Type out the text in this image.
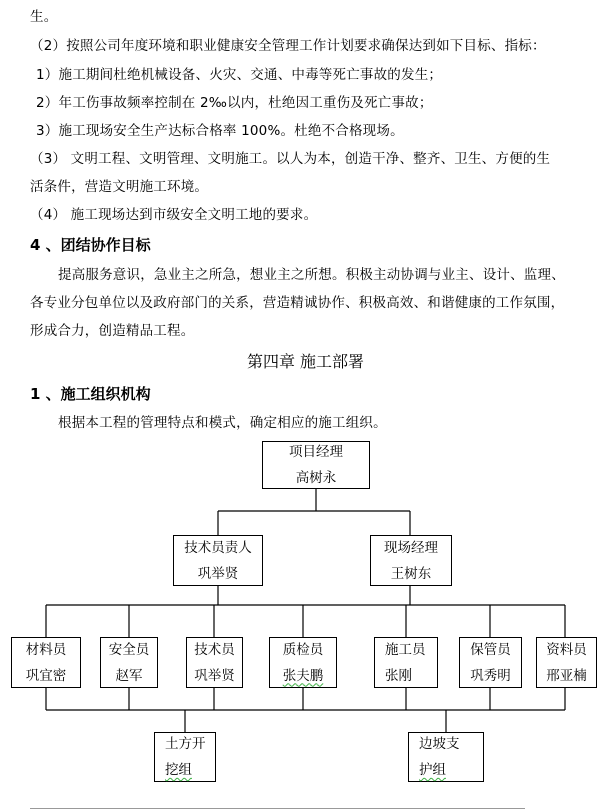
生。
（2）按照公司年度环境和职业健康安全管理工作计划要求确保达到如下目标、指标：
1）施工期间杜绝机械设备、火灾、交通、中毒等死亡事故的发生；
2）年工伤事故频率控制在 2‰以内，杜绝因工重伤及死亡事故；
3）施工现场安全生产达标合格率 100%。杜绝不合格现场。
（3） 文明工程、文明管理、文明施工。以人为本，创造干净、整齐、卫生、方便的生
活条件，营造文明施工环境。
（4） 施工现场达到市级安全文明工地的要求。
4 、团结协作目标
提高服务意识，急业主之所急，想业主之所想。积极主动协调与业主、设计、监理、
各专业分包单位以及政府部门的关系，营造精诚协作、积极高效、和谐健康的工作氛围，
形成合力，创造精品工程。
第四章 施工部署
1 、施工组织机构
根据本工程的管理特点和模式，确定相应的施工组织。
项目经理
高树永
技术员责人
巩举贤
现场经理
王树东
材料员
巩宜密
安全员
赵军
技术员
巩举贤
质检员
张夫鹏
施工员
张刚
保管员
巩秀明
资料员
邢亚楠
土方开
挖组
边坡支
护组
